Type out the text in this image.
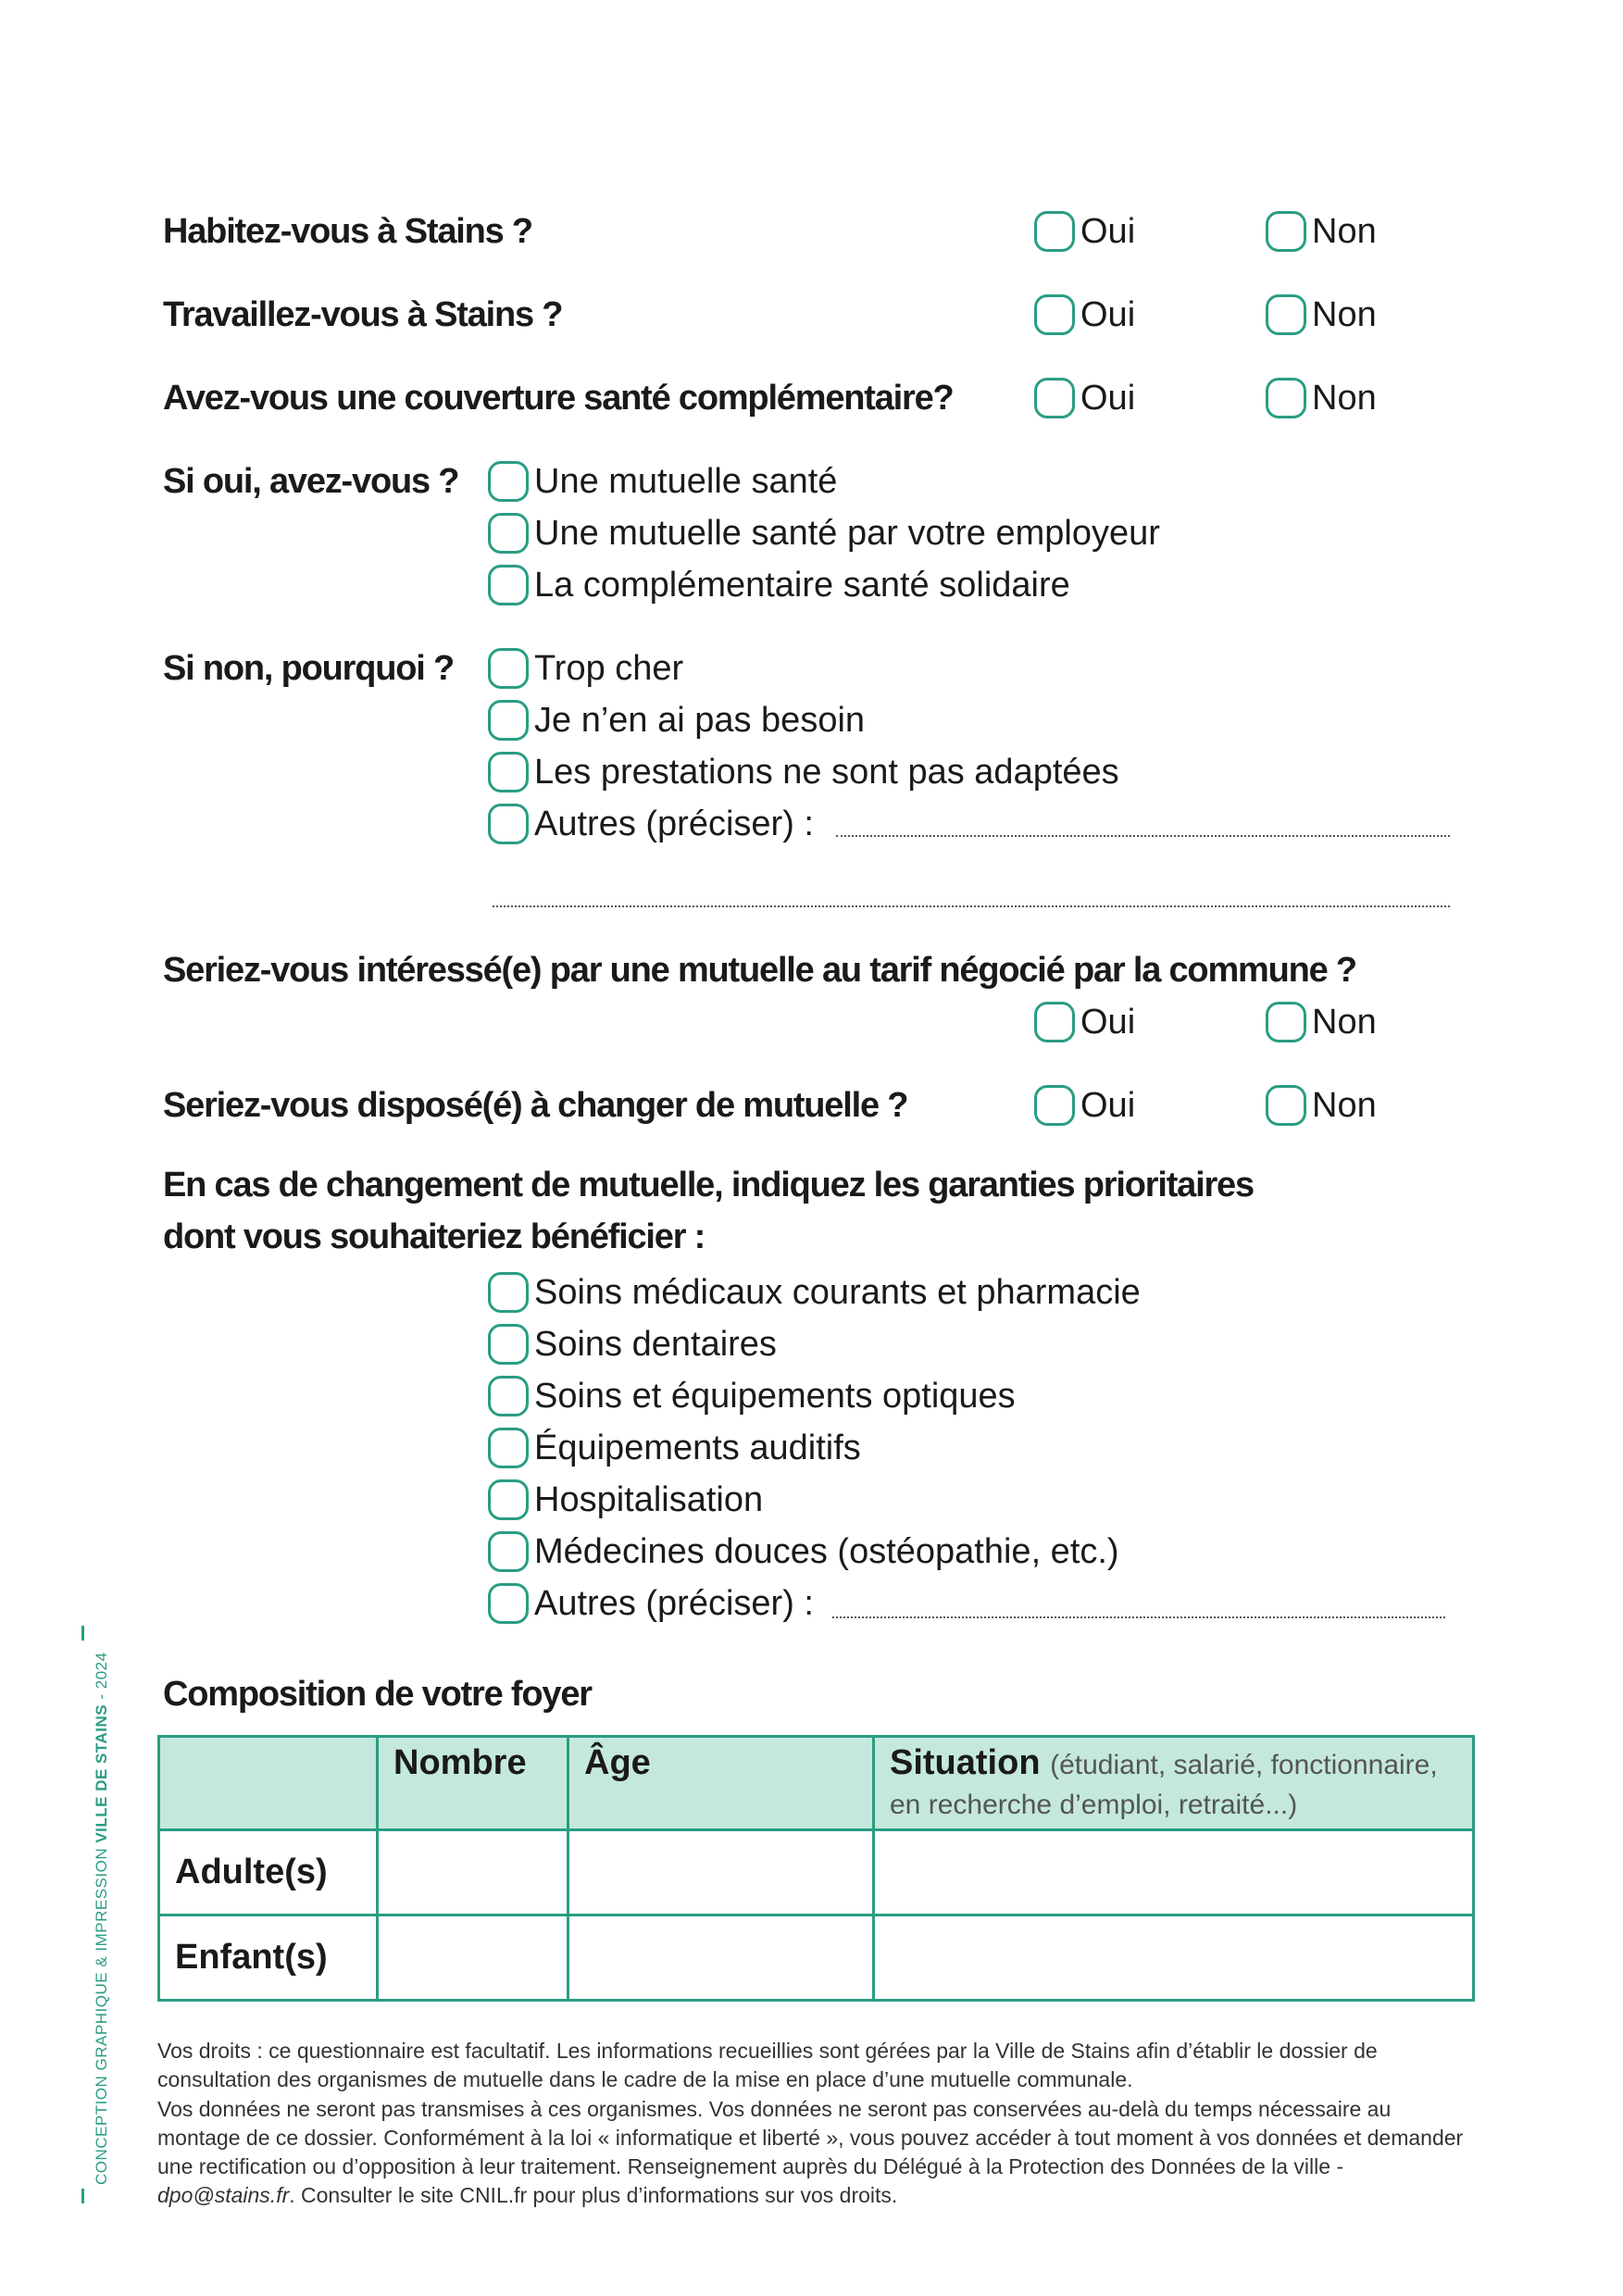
Habitez-vous à Stains ?	Oui	Non
Travaillez-vous à Stains ?	Oui	Non
Avez-vous une couverture santé complémentaire?	Oui	Non
Si oui, avez-vous ? Une mutuelle santé
Une mutuelle santé par votre employeur
La complémentaire santé solidaire
Si non, pourquoi ? Trop cher
Je n’en ai pas besoin
Les prestations ne sont pas adaptées
Autres (préciser) :
Seriez-vous intéressé(e) par une mutuelle au tarif négocié par la commune ?
Oui	Non
Seriez-vous disposé(é) à changer de mutuelle ?	Oui	Non
En cas de changement de mutuelle, indiquez les garanties prioritaires
dont vous souhaiteriez bénéficier :
Soins médicaux courants et pharmacie
Soins dentaires
Soins et équipements optiques
Équipements auditifs
Hospitalisation
Médecines douces (ostéopathie, etc.)
Autres (préciser) :
Composition de votre foyer
	Nombre	Âge	Situation (étudiant, salarié, fonctionnaire, en recherche d’emploi, retraité...)
Adulte(s)			
Enfant(s)			
Vos droits : ce questionnaire est facultatif. Les informations recueillies sont gérées par la Ville de Stains afin d’établir le dossier de consultation des organismes de mutuelle dans le cadre de la mise en place d’une mutuelle communale.
Vos données ne seront pas transmises à ces organismes. Vos données ne seront pas conservées au-delà du temps nécessaire au montage de ce dossier. Conformément à la loi « informatique et liberté », vous pouvez accéder à tout moment à vos données et demander une rectification ou d’opposition à leur traitement. Renseignement auprès du Délégué à la Protection des Données de la ville - dpo@stains.fr. Consulter le site CNIL.fr pour plus d’informations sur vos droits.
CONCEPTION GRAPHIQUE & IMPRESSION VILLE DE STAINS - 2024
